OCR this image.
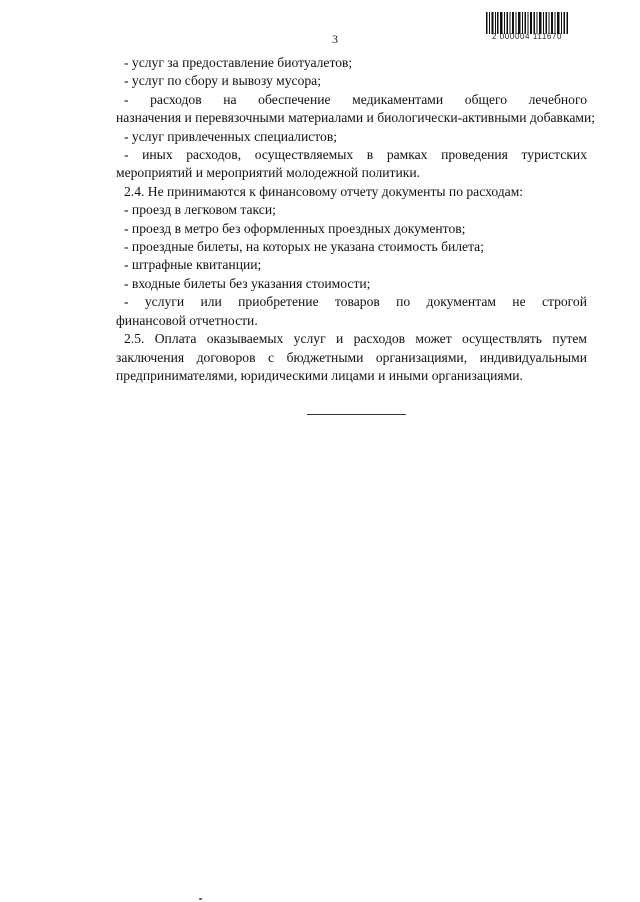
3	2 000004 111670
- услуг за предоставление биотуалетов;
- услуг по сбору и вывозу мусора;
- расходов на обеспечение медикаментами общего лечебного
назначения и перевязочными материалами и биологически-активными добавками;
- услуг привлеченных специалистов;
- иных расходов, осуществляемых в рамках проведения туристских
мероприятий и мероприятий молодежной политики.
2.4. Не принимаются к финансовому отчету документы по расходам:
- проезд в легковом такси;
- проезд в метро без оформленных проездных документов;
- проездные билеты, на которых не указана стоимость билета;
- штрафные квитанции;
- входные билеты без указания стоимости;
- услуги или приобретение товаров по документам не строгой
финансовой отчетности.
2.5. Оплата оказываемых услуг и расходов может осуществлять путем
заключения договоров с бюджетными организациями, индивидуальными
предпринимателями, юридическими лицами и иными организациями.
